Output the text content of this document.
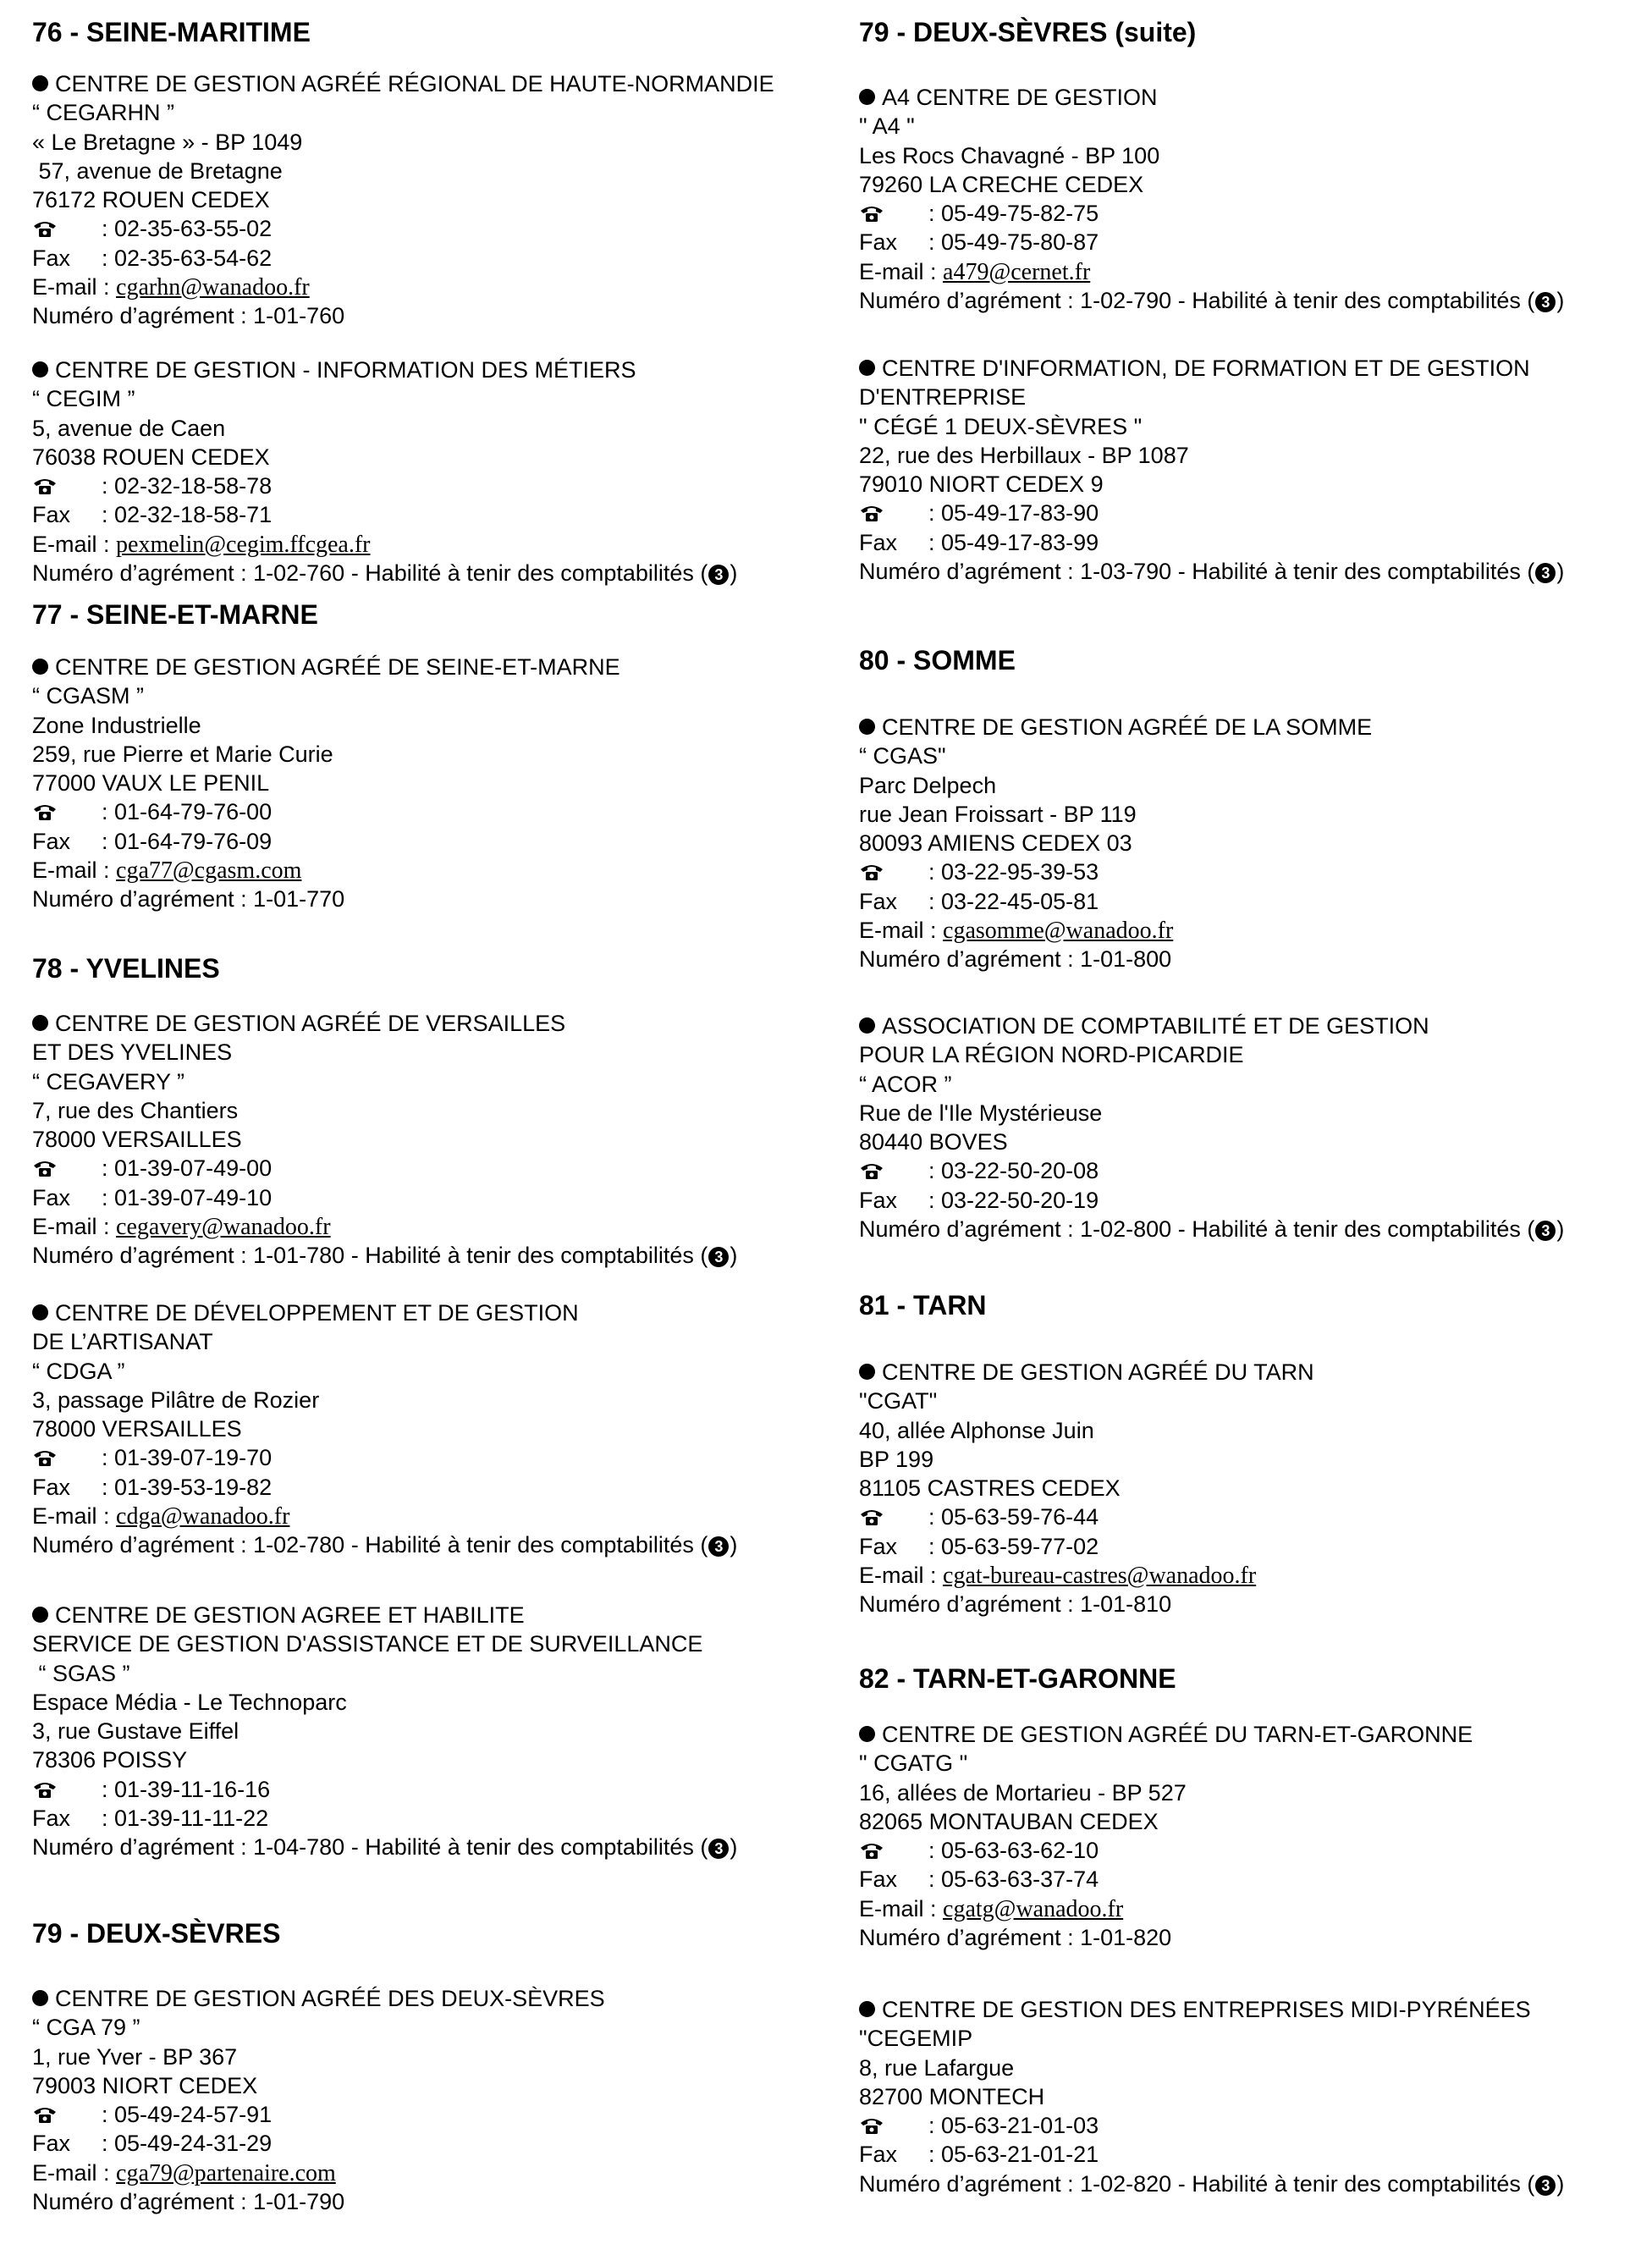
76 - SEINE-MARITIME
CENTRE DE GESTION AGRÉÉ RÉGIONAL DE HAUTE-NORMANDIE
“ CEGARHN ”
« Le Bretagne » - BP 1049
57, avenue de Bretagne
76172 ROUEN CEDEX
: 02-35-63-55-02
Fax : 02-35-63-54-62
E-mail : cgarhn@wanadoo.fr
Numéro d’agrément : 1-01-760
CENTRE DE GESTION - INFORMATION DES MÉTIERS
“ CEGIM ”
5, avenue de Caen
76038 ROUEN CEDEX
: 02-32-18-58-78
Fax : 02-32-18-58-71
E-mail : pexmelin@cegim.ffcgea.fr
Numéro d’agrément : 1-02-760 - Habilité à tenir des comptabilités ( 3 )
77 - SEINE-ET-MARNE
CENTRE DE GESTION AGRÉÉ DE SEINE-ET-MARNE
“ CGASM ”
Zone Industrielle
259, rue Pierre et Marie Curie
77000 VAUX LE PENIL
: 01-64-79-76-00
Fax : 01-64-79-76-09
E-mail : cga77@cgasm.com
Numéro d’agrément : 1-01-770
78 - YVELINES
CENTRE DE GESTION AGRÉÉ DE VERSAILLES
ET DES YVELINES
“ CEGAVERY ”
7, rue des Chantiers
78000 VERSAILLES
: 01-39-07-49-00
Fax : 01-39-07-49-10
E-mail : cegavery@wanadoo.fr
Numéro d’agrément : 1-01-780 - Habilité à tenir des comptabilités ( 3 )
CENTRE DE DÉVELOPPEMENT ET DE GESTION
DE L’ARTISANAT
“ CDGA ”
3, passage Pilâtre de Rozier
78000 VERSAILLES
: 01-39-07-19-70
Fax : 01-39-53-19-82
E-mail : cdga@wanadoo.fr
Numéro d’agrément : 1-02-780 - Habilité à tenir des comptabilités ( 3 )
CENTRE DE GESTION AGREE ET HABILITE
SERVICE DE GESTION D'ASSISTANCE ET DE SURVEILLANCE
“ SGAS ”
Espace Média - Le Technoparc
3, rue Gustave Eiffel
78306 POISSY
: 01-39-11-16-16
Fax : 01-39-11-11-22
Numéro d’agrément : 1-04-780 - Habilité à tenir des comptabilités ( 3 )
79 - DEUX-SÈVRES
CENTRE DE GESTION AGRÉÉ DES DEUX-SÈVRES
“ CGA 79 ”
1, rue Yver - BP 367
79003 NIORT CEDEX
: 05-49-24-57-91
Fax : 05-49-24-31-29
E-mail : cga79@partenaire.com
Numéro d’agrément : 1-01-790
79 - DEUX-SÈVRES (suite)
A4 CENTRE DE GESTION
" A4 "
Les Rocs Chavagné - BP 100
79260 LA CRECHE CEDEX
: 05-49-75-82-75
Fax : 05-49-75-80-87
E-mail : a479@cernet.fr
Numéro d’agrément : 1-02-790 - Habilité à tenir des comptabilités ( 3 )
CENTRE D'INFORMATION, DE FORMATION ET DE GESTION
D'ENTREPRISE
" CÉGÉ 1 DEUX-SÈVRES "
22, rue des Herbillaux - BP 1087
79010 NIORT CEDEX 9
: 05-49-17-83-90
Fax : 05-49-17-83-99
Numéro d’agrément : 1-03-790 - Habilité à tenir des comptabilités ( 3 )
80 - SOMME
CENTRE DE GESTION AGRÉÉ DE LA SOMME
“ CGAS"
Parc Delpech
rue Jean Froissart - BP 119
80093 AMIENS CEDEX 03
: 03-22-95-39-53
Fax : 03-22-45-05-81
E-mail : cgasomme@wanadoo.fr
Numéro d’agrément : 1-01-800
ASSOCIATION DE COMPTABILITÉ ET DE GESTION
POUR LA RÉGION NORD-PICARDIE
“ ACOR ”
Rue de l'Ile Mystérieuse
80440 BOVES
: 03-22-50-20-08
Fax : 03-22-50-20-19
Numéro d’agrément : 1-02-800 - Habilité à tenir des comptabilités ( 3 )
81 - TARN
CENTRE DE GESTION AGRÉÉ DU TARN
"CGAT"
40, allée Alphonse Juin
BP 199
81105 CASTRES CEDEX
: 05-63-59-76-44
Fax : 05-63-59-77-02
E-mail : cgat-bureau-castres@wanadoo.fr
Numéro d’agrément : 1-01-810
82 - TARN-ET-GARONNE
CENTRE DE GESTION AGRÉÉ DU TARN-ET-GARONNE
" CGATG "
16, allées de Mortarieu - BP 527
82065 MONTAUBAN CEDEX
: 05-63-63-62-10
Fax : 05-63-63-37-74
E-mail : cgatg@wanadoo.fr
Numéro d’agrément : 1-01-820
CENTRE DE GESTION DES ENTREPRISES MIDI-PYRÉNÉES
"CEGEMIP
8, rue Lafargue
82700 MONTECH
: 05-63-21-01-03
Fax : 05-63-21-01-21
Numéro d’agrément : 1-02-820 - Habilité à tenir des comptabilités ( 3 )
